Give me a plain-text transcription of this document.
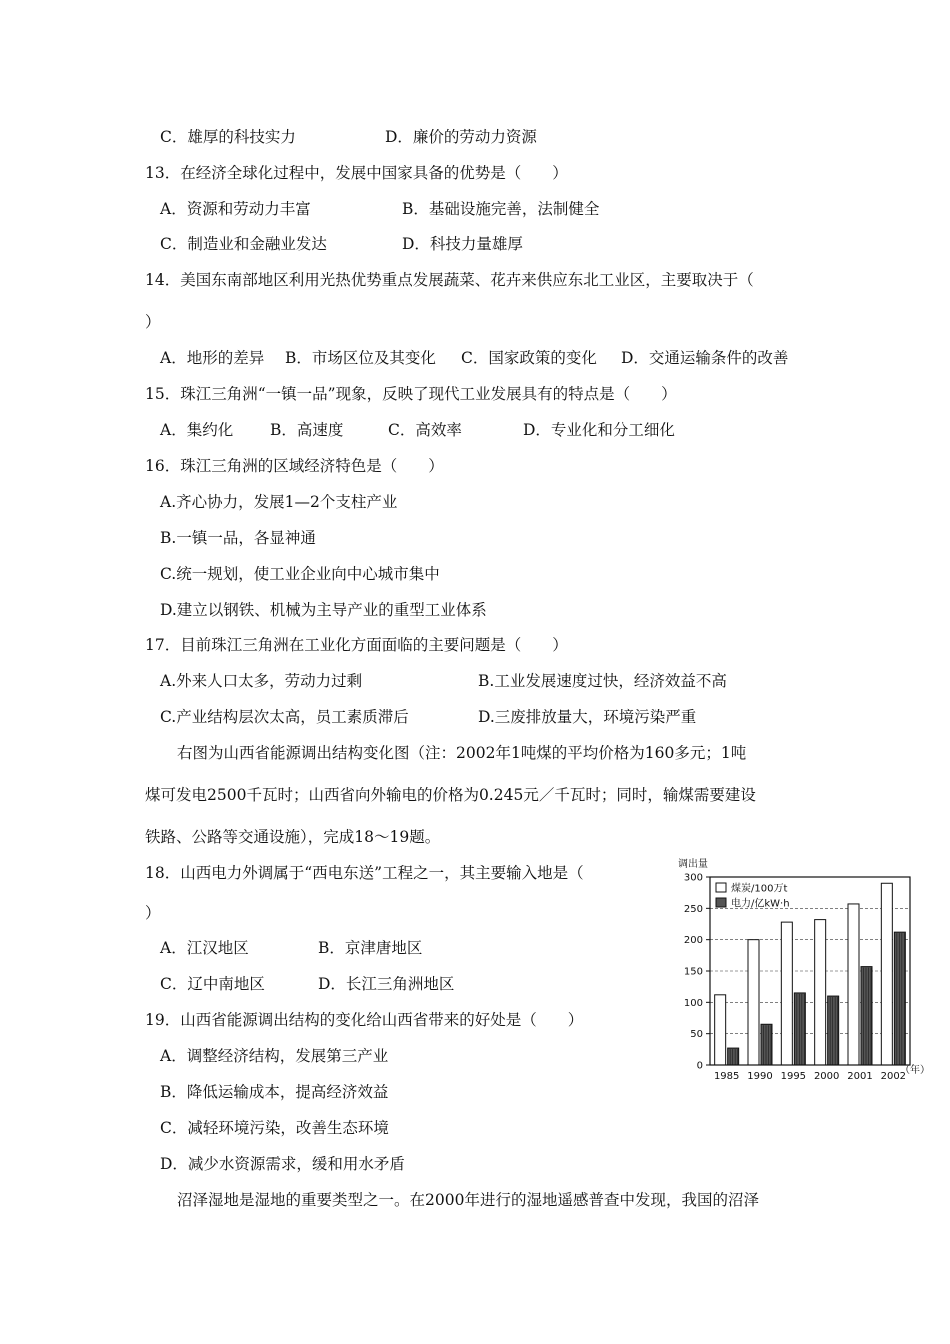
C．雄厚的科技实力	D．廉价的劳动力资源
13．在经济全球化过程中，发展中国家具备的优势是（　　）
A．资源和劳动力丰富	B．基础设施完善，法制健全
C．制造业和金融业发达	D．科技力量雄厚
14．美国东南部地区利用光热优势重点发展蔬菜、花卉来供应东北工业区，主要取决于（
）
A．地形的差异 B．市场区位及其变化 C．国家政策的变化 D．交通运输条件的改善
15．珠江三角洲“一镇一品”现象，反映了现代工业发展具有的特点是（　　）
A．集约化 B．高速度	C．高效率	D．专业化和分工细化
16．珠江三角洲的区域经济特色是（　　）
A.齐心协力，发展1—2个支柱产业
B.一镇一品，各显神通
C.统一规划，使工业企业向中心城市集中
D.建立以钢铁、机械为主导产业的重型工业体系
17．目前珠江三角洲在工业化方面面临的主要问题是（　　）
A.外来人口太多，劳动力过剩	B.工业发展速度过快，经济效益不高
C.产业结构层次太高，员工素质滞后	D.三废排放量大，环境污染严重
右图为山西省能源调出结构变化图（注：2002年1吨煤的平均价格为160多元；1吨
煤可发电2500千瓦时；山西省向外输电的价格为0.245元／千瓦时；同时，输煤需要建设
铁路、公路等交通设施），完成18～19题。
18．山西电力外调属于“西电东送”工程之一，其主要输入地是（
）
A．江汉地区	B．京津唐地区
C．辽中南地区	D．长江三角洲地区
19．山西省能源调出结构的变化给山西省带来的好处是（　　）
A．调整经济结构，发展第三产业
B．降低运输成本，提高经济效益
C．减轻环境污染，改善生态环境
D．减少水资源需求，缓和用水矛盾
沼泽湿地是湿地的重要类型之一。在2000年进行的湿地遥感普查中发现，我国的沼泽
调出量
0
50
100
150
200
250
300
1985 1990 1995 2000 2001 2002
煤炭/100万t
电力/亿kW·h
（年）
